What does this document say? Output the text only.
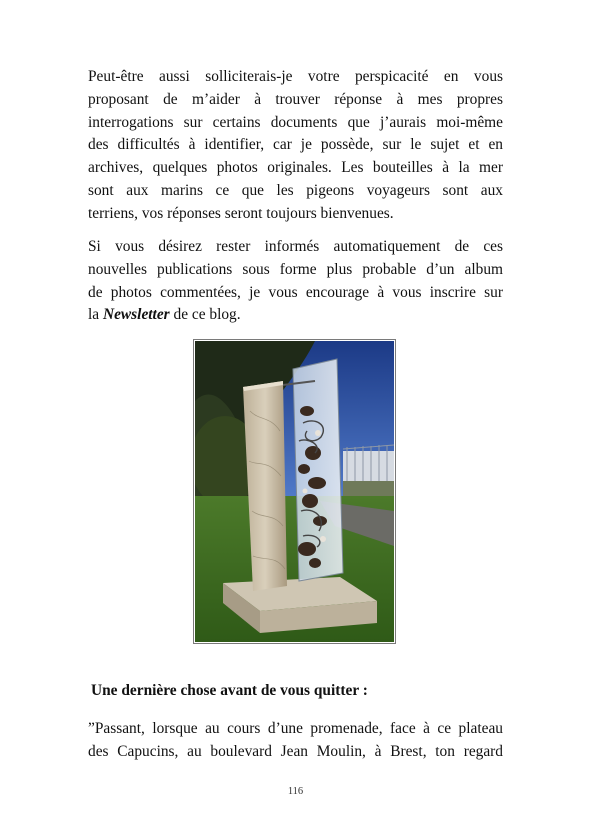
Peut-être aussi solliciterais-je votre perspicacité en vous
proposant de m’aider à trouver réponse à mes propres
interrogations sur certains documents que j’aurais moi-même
des difficultés à identifier, car je possède, sur le sujet et en
archives, quelques photos originales. Les bouteilles à la mer
sont aux marins ce que les pigeons voyageurs sont aux
terriens, vos réponses seront toujours bienvenues.

Si vous désirez rester informés automatiquement de ces
nouvelles publications sous forme plus probable d’un album
de photos commentées, je vous encourage à vous inscrire sur
la Newsletter de ce blog.

Une dernière chose avant de vous quitter :

”Passant, lorsque au cours d’une promenade, face à ce plateau
des Capucins, au boulevard Jean Moulin, à Brest, ton regard

116
